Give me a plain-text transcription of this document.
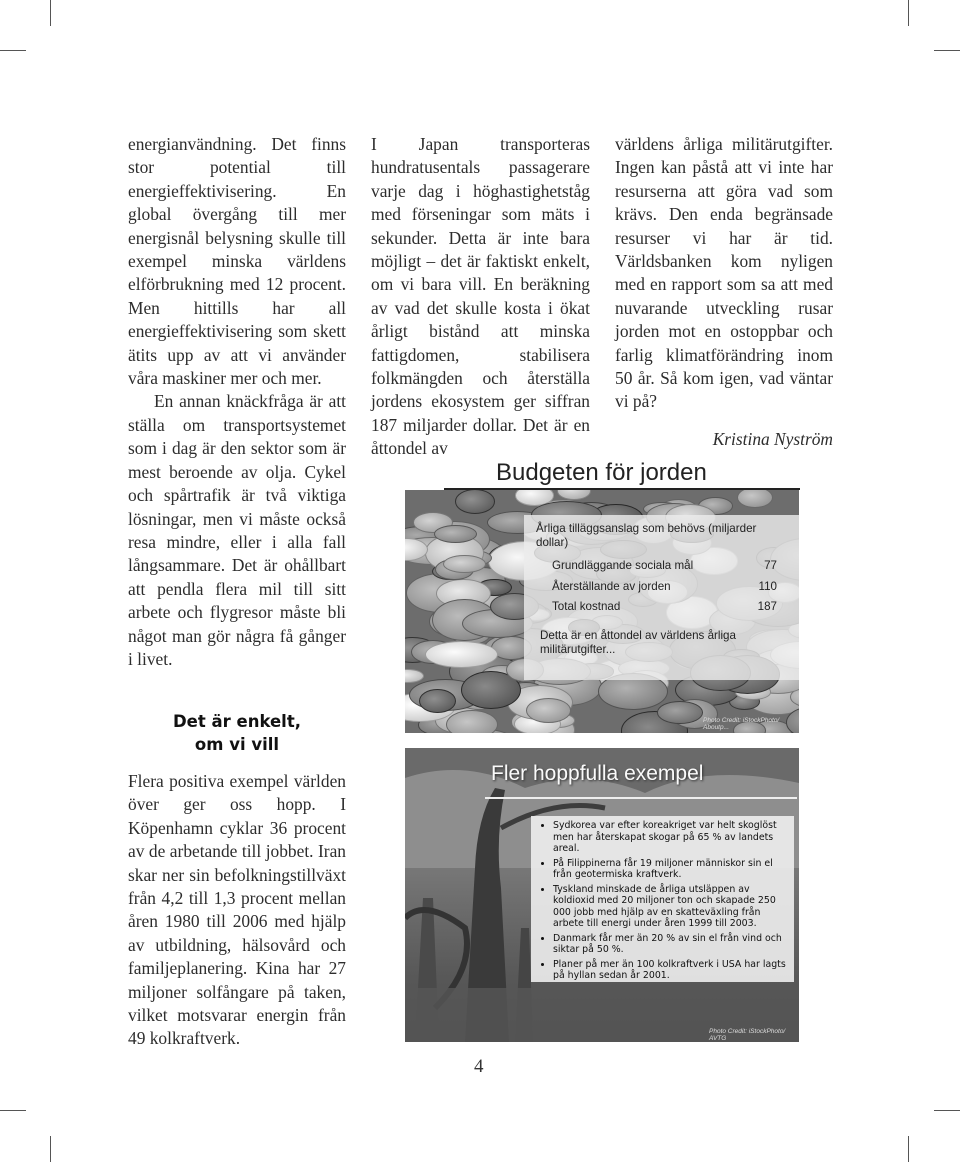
energianvändning. Det finns stor potential till energieffektivisering. En global övergång till mer energisnål belysning skulle till exempel minska världens elförbrukning med 12 procent. Men hittills har all energieffektivisering som skett ätits upp av att vi använder våra maskiner mer och mer.

En annan knäckfråga är att ställa om transportsystemet som i dag är den sektor som är mest beroende av olja. Cykel och spårtrafik är två viktiga lösningar, men vi måste också resa mindre, eller i alla fall långsammare. Det är ohållbart att pendla flera mil till sitt arbete och flygresor måste bli något man gör några få gånger i livet.

Det är enkelt,
om vi vill

Flera positiva exempel världen över ger oss hopp. I Köpenhamn cyklar 36 procent av de arbetande till jobbet. Iran skar ner sin befolkningstillväxt från 4,2 till 1,3 procent mellan åren 1980 till 2006 med hjälp av utbildning, hälsovård och familjeplanering. Kina har 27 miljoner solfångare på taken, vilket motsvarar energin från 49 kolkraftverk.

I Japan transporteras hundratusentals passagerare varje dag i höghastighetståg med förseningar som mäts i sekunder. Detta är inte bara möjligt – det är faktiskt enkelt, om vi bara vill. En beräkning av vad det skulle kosta i ökat årligt bistånd att minska fattigdomen, stabilisera folkmängden och återställa jordens ekosystem ger siffran 187 miljarder dollar. Det är en åttondel av

världens årliga militärutgifter. Ingen kan påstå att vi inte har resurserna att göra vad som krävs. Den enda begränsade resurser vi har är tid. Världsbanken kom nyligen med en rapport som sa att med nuvarande utveckling rusar jorden mot en ostoppbar och farlig klimatförändring inom 50 år. Så kom igen, vad väntar vi på?

Kristina Nyström

Budgeten för jorden
Årliga tilläggsanslag som behövs (miljarder dollar)
Grundläggande sociala mål	77
Återställande av jorden	110
Total kostnad	187
Detta är en åttondel av världens årliga militärutgifter...
Photo Credit: iStockPhoto/ Aboutp...
Fler hoppfulla exempel
• Sydkorea var efter koreakriget var helt skoglöst men har återskapat skogar på 65 % av landets areal.
• På Filippinerna får 19 miljoner människor sin el från geotermiska kraftverk.
• Tyskland minskade de årliga utsläppen av koldioxid med 20 miljoner ton och skapade 250 000 jobb med hjälp av en skatteväxling från arbete till energi under åren 1999 till 2003.
• Danmark får mer än 20 % av sin el från vind och siktar på 50 %.
• Planer på mer än 100 kolkraftverk i USA har lagts på hyllan sedan år 2001.
Photo Credit: iStockPhoto/ AVTG
4
